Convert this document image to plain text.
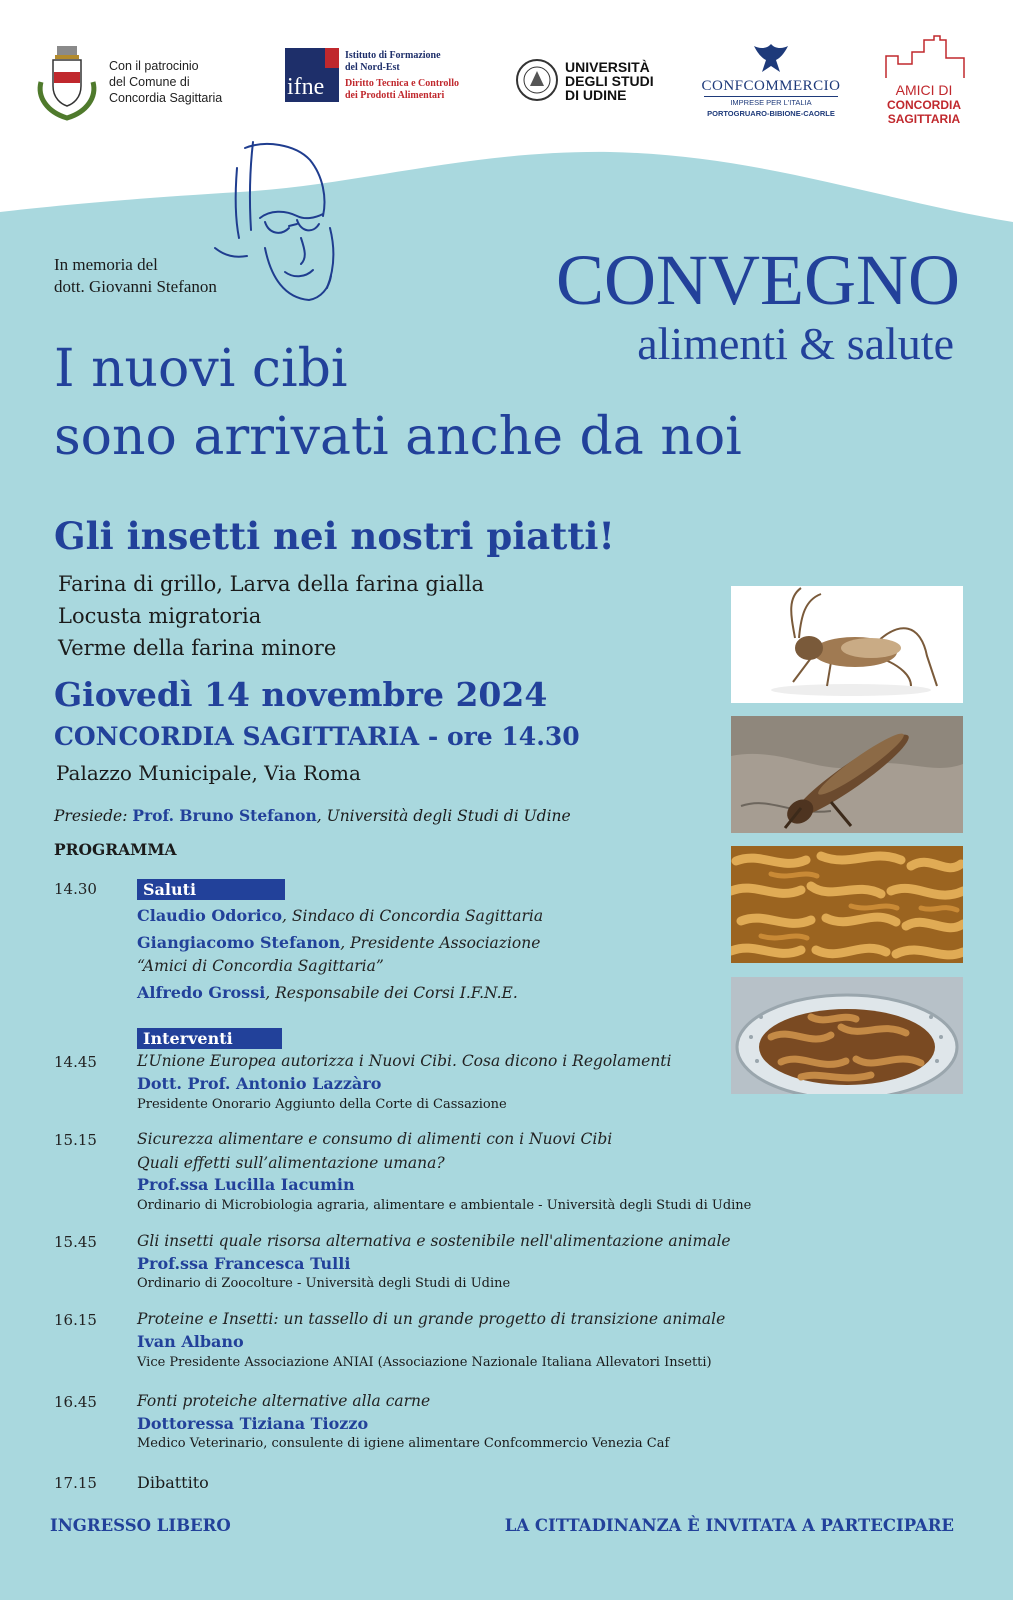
Con il patrocinio
del Comune di
Concordia Sagittaria	ifne
Istituto di Formazione
del Nord-Est
Diritto Tecnica e Controllo
dei Prodotti Alimentari
UNIVERSITÀ
DEGLI STUDI
DI UDINE
CONFCOMMERCIO
IMPRESE PER L'ITALIA
PORTOGRUARO-BIBIONE-CAORLE
AMICI DI
CONCORDIA
SAGITTARIA
In memoria del
dott. Giovanni Stefanon	CONVEGNO
alimenti & salute
I nuovi cibi
sono arrivati anche da noi
Gli insetti nei nostri piatti!
Farina di grillo, Larva della farina gialla
Locusta migratoria
Verme della farina minore
Giovedì 14 novembre 2024
CONCORDIA SAGITTARIA - ore 14.30
Palazzo Municipale, Via Roma
Presiede: Prof. Bruno Stefanon, Università degli Studi di Udine
PROGRAMMA
14.30	Saluti
Claudio Odorico, Sindaco di Concordia Sagittaria
Giangiacomo Stefanon, Presidente Associazione
“Amici di Concordia Sagittaria”
Alfredo Grossi, Responsabile dei Corsi I.F.N.E.
Interventi
14.45	L’Unione Europea autorizza i Nuovi Cibi. Cosa dicono i Regolamenti
Dott. Prof. Antonio Lazzàro
Presidente Onorario Aggiunto della Corte di Cassazione
15.15	Sicurezza alimentare e consumo di alimenti con i Nuovi Cibi
Quali effetti sull’alimentazione umana?
Prof.ssa Lucilla Iacumin
Ordinario di Microbiologia agraria, alimentare e ambientale - Università degli Studi di Udine
15.45	Gli insetti quale risorsa alternativa e sostenibile nell'alimentazione animale
Prof.ssa Francesca Tulli
Ordinario di Zoocolture - Università degli Studi di Udine
16.15	Proteine e Insetti: un tassello di un grande progetto di transizione animale
Ivan Albano
Vice Presidente Associazione ANIAI (Associazione Nazionale Italiana Allevatori Insetti)
16.45	Fonti proteiche alternative alla carne
Dottoressa Tiziana Tiozzo
Medico Veterinario, consulente di igiene alimentare Confcommercio Venezia Caf
17.15	Dibattito
INGRESSO LIBERO	LA CITTADINANZA È INVITATA A PARTECIPARE
